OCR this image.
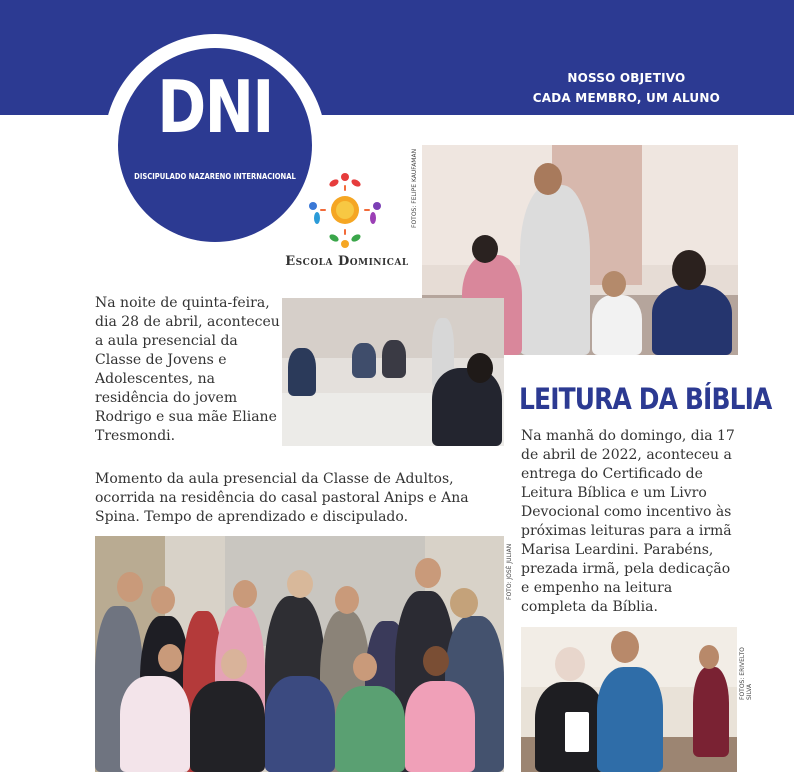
NOSSO OBJETIVO
CADA MEMBRO, UM ALUNO
DNI
DISCIPULADO NAZARENO INTERNACIONAL
Escola Dominical
FOTOS: FELIPE KAUFAMAN
Na noite de quinta-feira, dia 28 de abril, aconteceu a aula presencial da Classe de Jovens e Adolescentes, na residência do jovem Rodrigo e sua mãe Eliane Tresmondi.
LEITURA DA BÍBLIA
Na manhã do domingo, dia 17 de abril de 2022, aconteceu a entrega do Certificado de Leitura Bíblica e um Livro Devocional como incentivo às próximas leituras para a irmã Marisa Leardini. Parabéns, prezada irmã, pela dedicação e empenho na leitura completa da Bíblia.
Momento da aula presencial da Classe de Adultos, ocorrida na residência do casal pastoral Anips e Ana Spina. Tempo de aprendizado e discipulado.
FOTO: JOSÉ JULIAN
FOTOS: ERIVELTO SILVA
